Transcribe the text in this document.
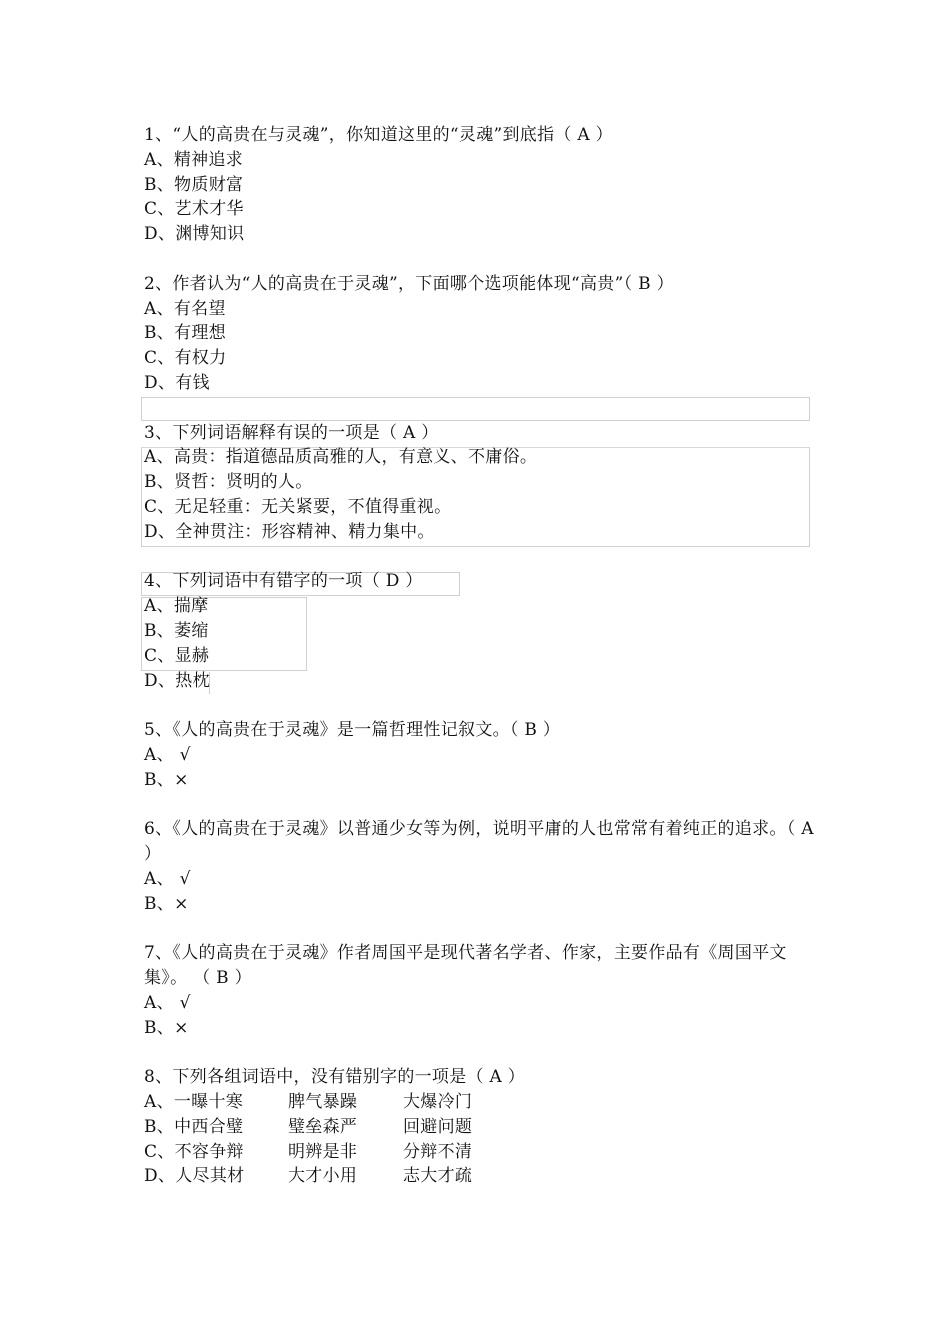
1、“人的高贵在与灵魂”，你知道这里的“灵魂”到底指（ A ）
A、精神追求
B、物质财富
C、艺术才华
D、渊博知识
2、作者认为“人的高贵在于灵魂”，下面哪个选项能体现“高贵”（ B ）
A、有名望
B、有理想
C、有权力
D、有钱
3、下列词语解释有误的一项是（ A ）
A、高贵：指道德品质高雅的人，有意义、不庸俗。
B、贤哲：贤明的人。
C、无足轻重：无关紧要，不值得重视。
D、全神贯注：形容精神、精力集中。
4、下列词语中有错字的一项（ D ）
A、揣摩
B、萎缩
C、显赫
D、热枕
5、《人的高贵在于灵魂》是一篇哲理性记叙文。（ B ）
A、 √
B、×
6、《人的高贵在于灵魂》以普通少女等为例，说明平庸的人也常常有着纯正的追求。（ A ）
A、 √
B、×
7、《人的高贵在于灵魂》作者周国平是现代著名学者、作家，主要作品有《周国平文集》。 （ B ）
A、 √
B、×
8、下列各组词语中，没有错别字的一项是（ A ）
A、一曝十寒	脾气暴躁	大爆冷门
B、中西合璧	璧垒森严	回避问题
C、不容争辩	明辨是非	分辩不清
D、人尽其材	大才小用	志大才疏
